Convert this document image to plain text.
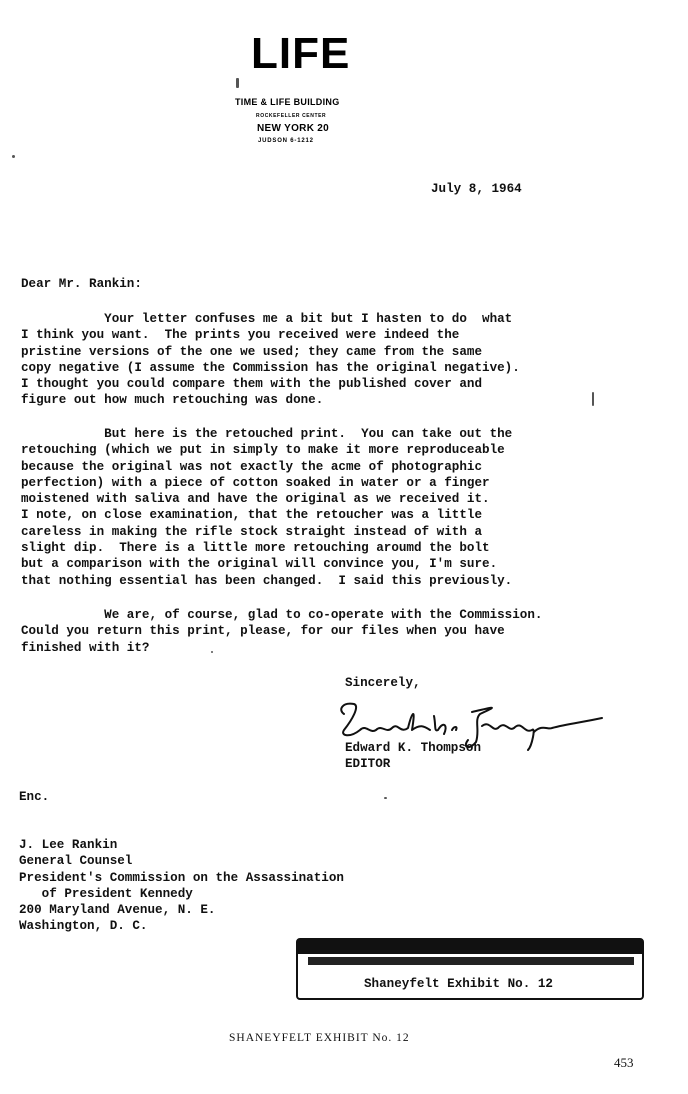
LIFE
TIME & LIFE BUILDING
ROCKEFELLER CENTER
NEW YORK 20
JUDSON 6-1212
July 8, 1964
Dear Mr. Rankin:
Your letter confuses me a bit but I hasten to do  what
I think you want.  The prints you received were indeed the
pristine versions of the one we used; they came from the same
copy negative (I assume the Commission has the original negative).
I thought you could compare them with the published cover and
figure out how much retouching was done.
But here is the retouched print.  You can take out the
retouching (which we put in simply to make it more reproduceable
because the original was not exactly the acme of photographic
perfection) with a piece of cotton soaked in water or a finger
moistened with saliva and have the original as we received it.
I note, on close examination, that the retoucher was a little
careless in making the rifle stock straight instead of with a
slight dip.  There is a little more retouching aroumd the bolt
but a comparison with the original will convince you, I'm sure.
that nothing essential has been changed.  I said this previously.
We are, of course, glad to co-operate with the Commission.
Could you return this print, please, for our files when you have
finished with it?
Sincerely,
Edward K. Thompson
EDITOR
Enc.
J. Lee Rankin
General Counsel
President's Commission on the Assassination
of President Kennedy
200 Maryland Avenue, N. E.
Washington, D. C.
Shaneyfelt Exhibit No. 12
SHANEYFELT EXHIBIT No. 12
453
